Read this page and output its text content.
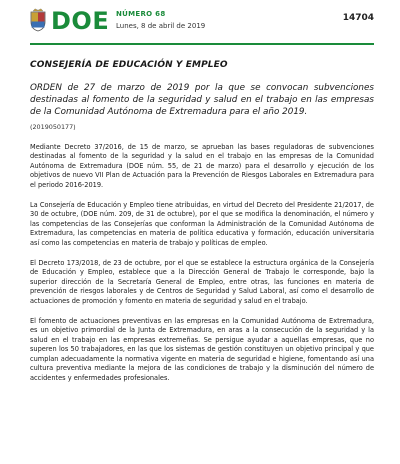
DOE NÚMERO 68
Lunes, 8 de abril de 2019
14704
CONSEJERÍA DE EDUCACIÓN Y EMPLEO
ORDEN de 27 de marzo de 2019 por la que se convocan subvenciones destinadas al fomento de la seguridad y salud en el trabajo en las empresas de la Comunidad Autónoma de Extremadura para el año 2019.
(2019050177)

Mediante Decreto 37/2016, de 15 de marzo, se aprueban las bases reguladoras de subvenciones destinadas al fomento de la seguridad y la salud en el trabajo en las empresas de la Comunidad Autónoma de Extremadura (DOE núm. 55, de 21 de marzo) para el desarrollo y ejecución de los objetivos de nuevo VII Plan de Actuación para la Prevención de Riesgos Laborales en Extremadura para el periodo 2016-2019.

La Consejería de Educación y Empleo tiene atribuidas, en virtud del Decreto del Presidente 21/2017, de 30 de octubre, (DOE núm. 209, de 31 de octubre), por el que se modifica la denominación, el número y las competencias de las Consejerías que conforman la Administración de la Comunidad Autónoma de Extremadura, las competencias en materia de política educativa y formación, educación universitaria así como las competencias en materia de trabajo y políticas de empleo.

El Decreto 173/2018, de 23 de octubre, por el que se establece la estructura orgánica de la Consejería de Educación y Empleo, establece que a la Dirección General de Trabajo le corresponde, bajo la superior dirección de la Secretaría General de Empleo, entre otras, las funciones en materia de prevención de riesgos laborales y de Centros de Seguridad y Salud Laboral, así como el desarrollo de actuaciones de promoción y fomento en materia de seguridad y salud en el trabajo.

El fomento de actuaciones preventivas en las empresas en la Comunidad Autónoma de Extremadura, es un objetivo primordial de la Junta de Extremadura, en aras a la consecución de la seguridad y la salud en el trabajo en las empresas extremeñas. Se persigue ayudar a aquellas empresas, que no superen los 50 trabajadores, en las que los sistemas de gestión constituyen un objetivo principal y que cumplan adecuadamente la normativa vigente en materia de seguridad e higiene, fomentando así una cultura preventiva mediante la mejora de las condiciones de trabajo y la disminución del número de accidentes y enfermedades profesionales.
